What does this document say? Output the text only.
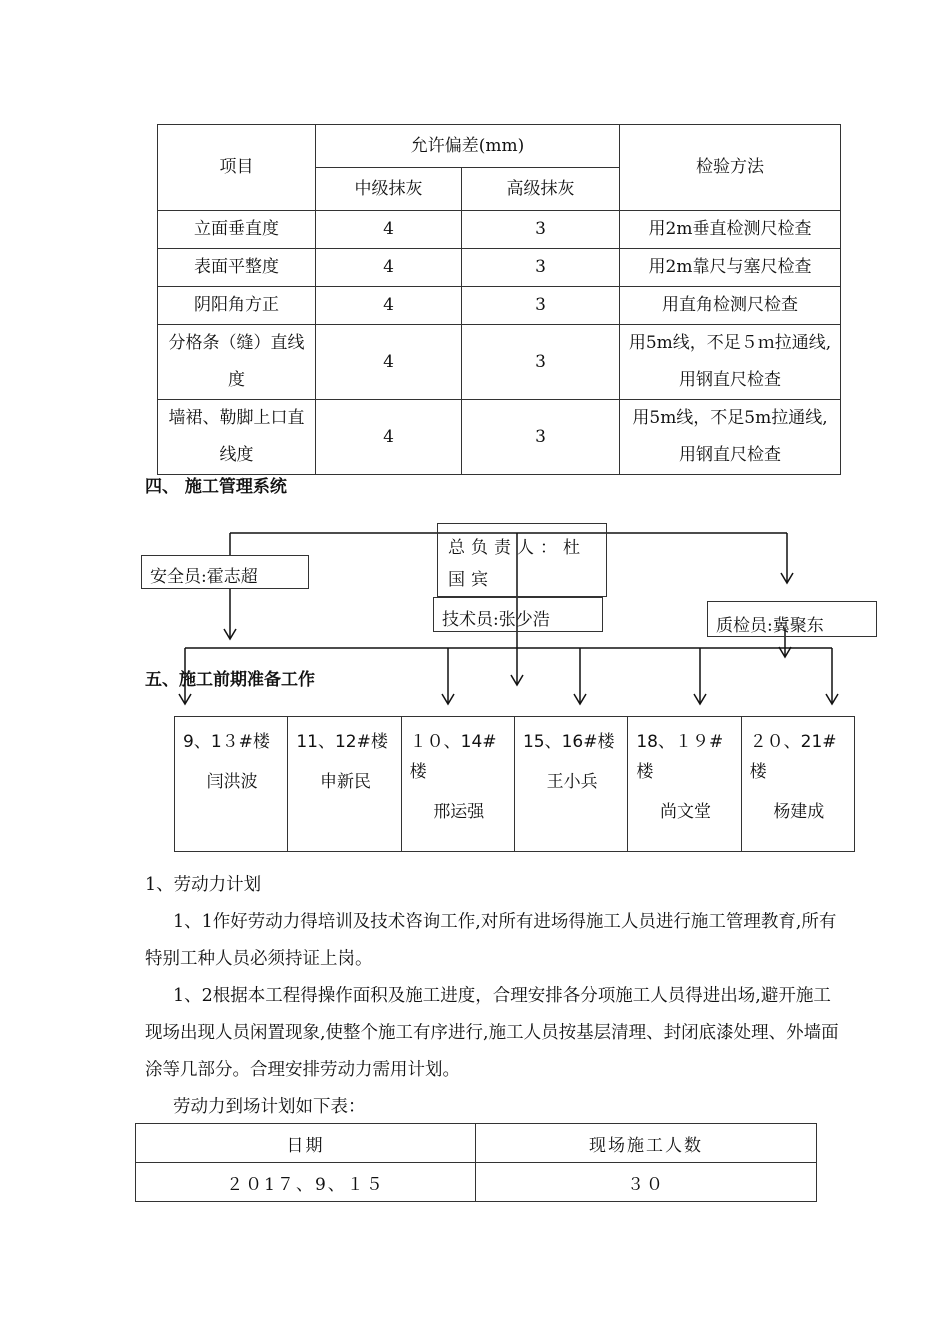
项目	允许偏差(mm)		检验方法
	中级抹灰	高级抹灰	
立面垂直度	4	3	用2m垂直检测尺检查
表面平整度	4	3	用2m靠尺与塞尺检查
阴阳角方正	4	3	用直角检测尺检查
分格条（缝）直线度	4	3	用5m线，不足５ｍ拉通线,用钢直尺检查
墙裙、勒脚上口直线度	4	3	用5m线，不足5m拉通线,用钢直尺检查
四、 施工管理系统
总负责人：杜国宾
安全员:霍志超
技术员:张少浩	质检员:冀聚东
五、施工前期准备工作
9、1３#楼
闫洪波

11、12#楼
申新民

１０、14#楼
邢运强

15、16#楼
王小兵

18、１９#楼
尚文堂

２０、21#楼
杨建成
1、劳动力计划
1、1作好劳动力得培训及技术咨询工作,对所有进场得施工人员进行施工管理教育,所有特别工种人员必须持证上岗。
1、2根据本工程得操作面积及施工进度，合理安排各分项施工人员得进出场,避开施工现场出现人员闲置现象,使整个施工有序进行,施工人员按基层清理、封闭底漆处理、外墙面涂等几部分。合理安排劳动力需用计划。
劳动力到场计划如下表：
日期	现场施工人数
２０1７、9、１５	３０
